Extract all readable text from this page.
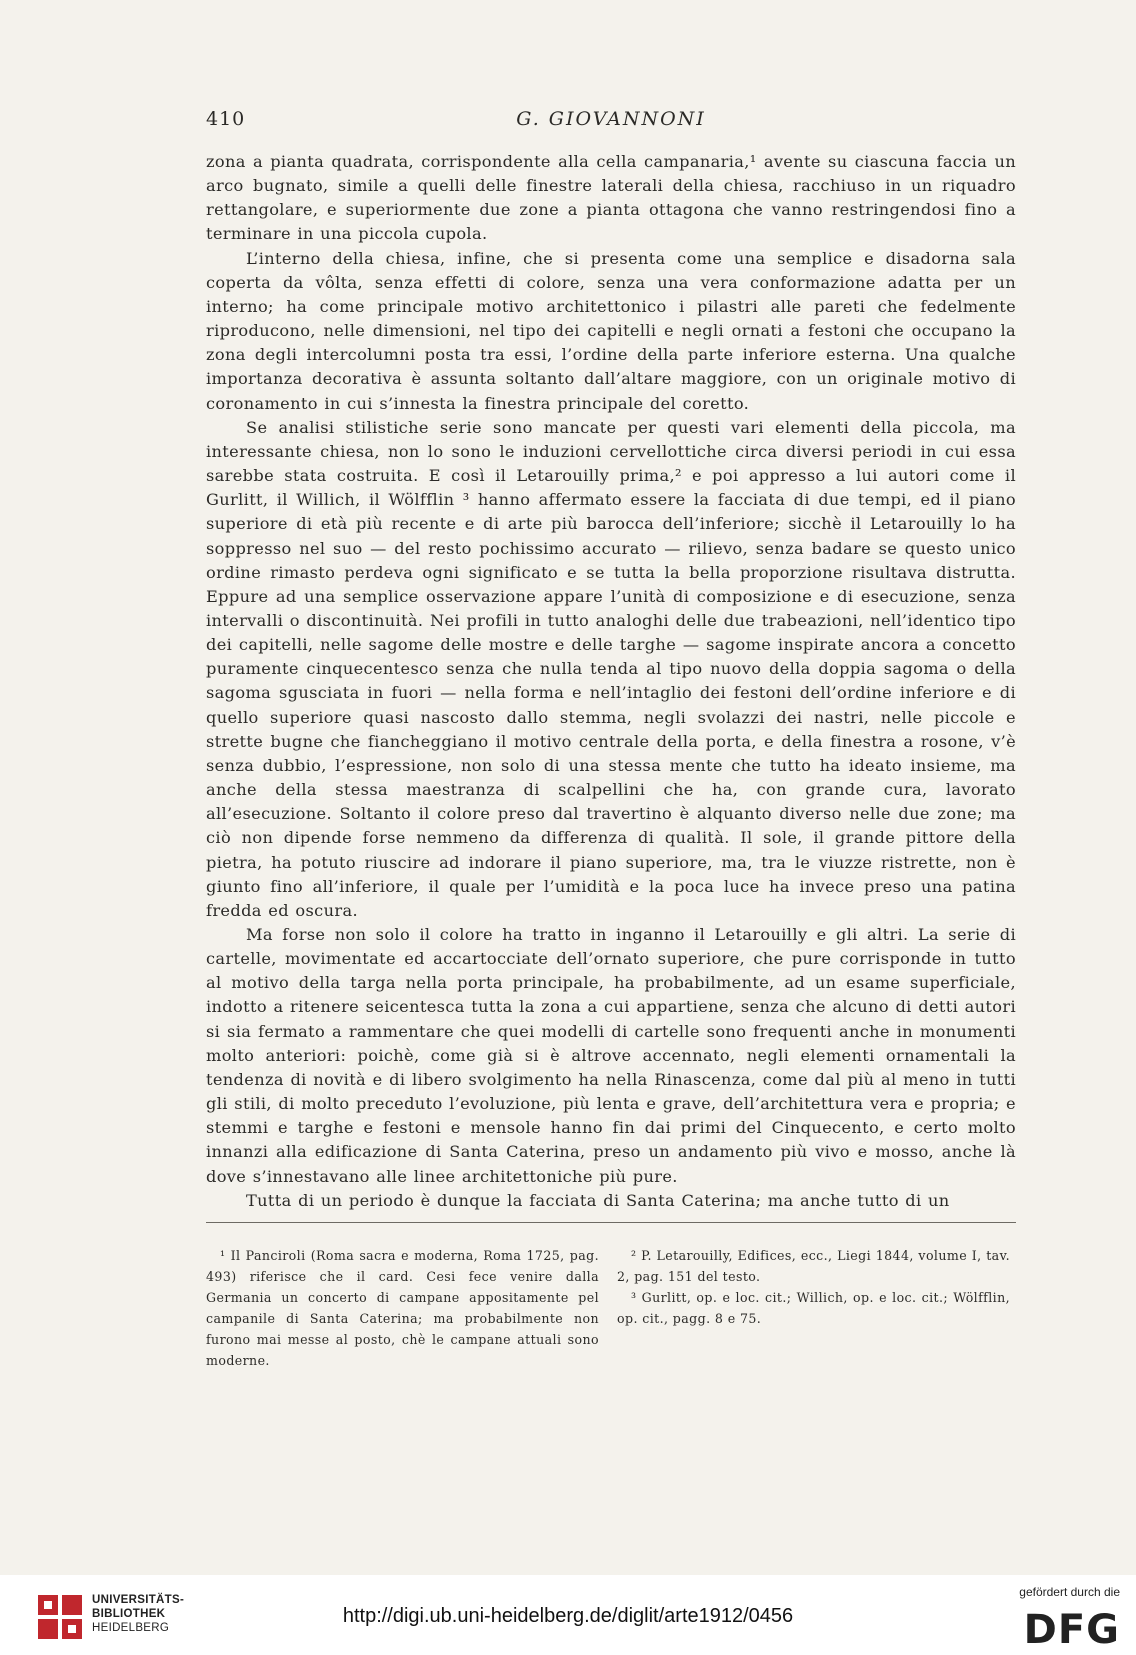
410	G. GIOVANNONI

zona a pianta quadrata, corrispondente alla cella campanaria,¹ avente su ciascuna faccia un arco bugnato, simile a quelli delle finestre laterali della chiesa, racchiuso in un riquadro rettangolare, e superiormente due zone a pianta ottagona che vanno restringendosi fino a terminare in una piccola cupola.

L’interno della chiesa, infine, che si presenta come una semplice e disadorna sala coperta da vôlta, senza effetti di colore, senza una vera conformazione adatta per un interno; ha come principale motivo architettonico i pilastri alle pareti che fedelmente riproducono, nelle dimensioni, nel tipo dei capitelli e negli ornati a festoni che occupano la zona degli intercolumni posta tra essi, l’ordine della parte inferiore esterna. Una qualche importanza decorativa è assunta soltanto dall’altare maggiore, con un originale motivo di coronamento in cui s’innesta la finestra principale del coretto.

Se analisi stilistiche serie sono mancate per questi vari elementi della piccola, ma interessante chiesa, non lo sono le induzioni cervellottiche circa diversi periodi in cui essa sarebbe stata costruita. E così il Letarouilly prima,² e poi appresso a lui autori come il Gurlitt, il Willich, il Wölfflin ³ hanno affermato essere la facciata di due tempi, ed il piano superiore di età più recente e di arte più barocca dell’inferiore; sicchè il Letarouilly lo ha soppresso nel suo — del resto pochissimo accurato — rilievo, senza badare se questo unico ordine rimasto perdeva ogni significato e se tutta la bella proporzione risultava distrutta. Eppure ad una semplice osservazione appare l’unità di composizione e di esecuzione, senza intervalli o discontinuità. Nei profili in tutto analoghi delle due trabeazioni, nell’identico tipo dei capitelli, nelle sagome delle mostre e delle targhe — sagome inspirate ancora a concetto puramente cinquecentesco senza che nulla tenda al tipo nuovo della doppia sagoma o della sagoma sgusciata in fuori — nella forma e nell’intaglio dei festoni dell’ordine inferiore e di quello superiore quasi nascosto dallo stemma, negli svolazzi dei nastri, nelle piccole e strette bugne che fiancheggiano il motivo centrale della porta, e della finestra a rosone, v’è senza dubbio, l’espressione, non solo di una stessa mente che tutto ha ideato insieme, ma anche della stessa maestranza di scalpellini che ha, con grande cura, lavorato all’esecuzione. Soltanto il colore preso dal travertino è alquanto diverso nelle due zone; ma ciò non dipende forse nemmeno da differenza di qualità. Il sole, il grande pittore della pietra, ha potuto riuscire ad indorare il piano superiore, ma, tra le viuzze ristrette, non è giunto fino all’inferiore, il quale per l’umidità e la poca luce ha invece preso una patina fredda ed oscura.

Ma forse non solo il colore ha tratto in inganno il Letarouilly e gli altri. La serie di cartelle, movimentate ed accartocciate dell’ornato superiore, che pure corrisponde in tutto al motivo della targa nella porta principale, ha probabilmente, ad un esame superficiale, indotto a ritenere seicentesca tutta la zona a cui appartiene, senza che alcuno di detti autori si sia fermato a rammentare che quei modelli di cartelle sono frequenti anche in monumenti molto anteriori: poichè, come già si è altrove accennato, negli elementi ornamentali la tendenza di novità e di libero svolgimento ha nella Rinascenza, come dal più al meno in tutti gli stili, di molto preceduto l’evoluzione, più lenta e grave, dell’architettura vera e propria; e stemmi e targhe e festoni e mensole hanno fin dai primi del Cinquecento, e certo molto innanzi alla edificazione di Santa Caterina, preso un andamento più vivo e mosso, anche là dove s’innestavano alle linee architettoniche più pure.

Tutta di un periodo è dunque la facciata di Santa Caterina; ma anche tutto di un

¹ Il Panciroli (Roma sacra e moderna, Roma 1725, pag. 493) riferisce che il card. Cesi fece venire dalla Germania un concerto di campane appositamente pel campanile di Santa Caterina; ma probabilmente non furono mai messe al posto, chè le campane attuali sono moderne.

² P. Letarouilly, Edifices, ecc., Liegi 1844, volume I, tav. 2, pag. 151 del testo.

³ Gurlitt, op. e loc. cit.; Willich, op. e loc. cit.; Wölfflin, op. cit., pagg. 8 e 75.

UNIVERSITÄTS-
BIBLIOTHEK
HEIDELBERG
http://digi.ub.uni-heidelberg.de/diglit/arte1912/0456
gefördert durch die
DFG
